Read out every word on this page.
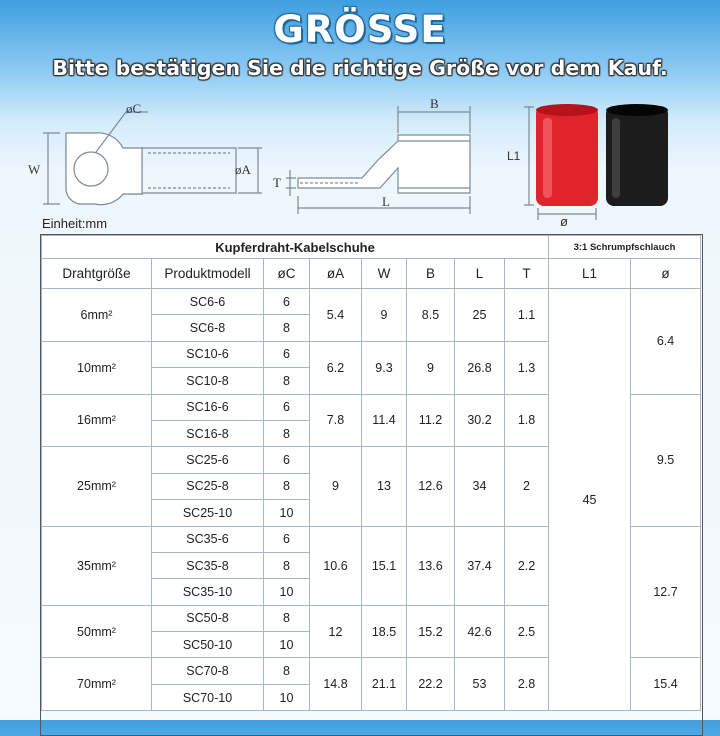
GRÖSSE
Bitte bestätigen Sie die richtige Größe vor dem Kauf.
øC
W	øA
B
T
L
L1
ø
Einheit:mm
Kupferdraht-Kabelschuhe								3:1 Schrumpfschlauch	
Drahtgröße	Produktmodell	øC	øA	W	B	L	T	L1	ø
6mm²	SC6-6	6	5.4	9	8.5	25	1.1	45	6.4
	SC6-8	8							
10mm²	SC10-6	6	6.2	9.3	9	26.8	1.3		
	SC10-8	8							
16mm²	SC16-6	6	7.8	11.4	11.2	30.2	1.8		9.5
	SC16-8	8							
25mm²	SC25-6	6	9	13	12.6	34	2		
	SC25-8	8							
	SC25-10	10							
35mm²	SC35-6	6	10.6	15.1	13.6	37.4	2.2		12.7
	SC35-8	8							
	SC35-10	10							
50mm²	SC50-8	8	12	18.5	15.2	42.6	2.5		
	SC50-10	10							
70mm²	SC70-8	8	14.8	21.1	22.2	53	2.8		15.4
	SC70-10	10							
